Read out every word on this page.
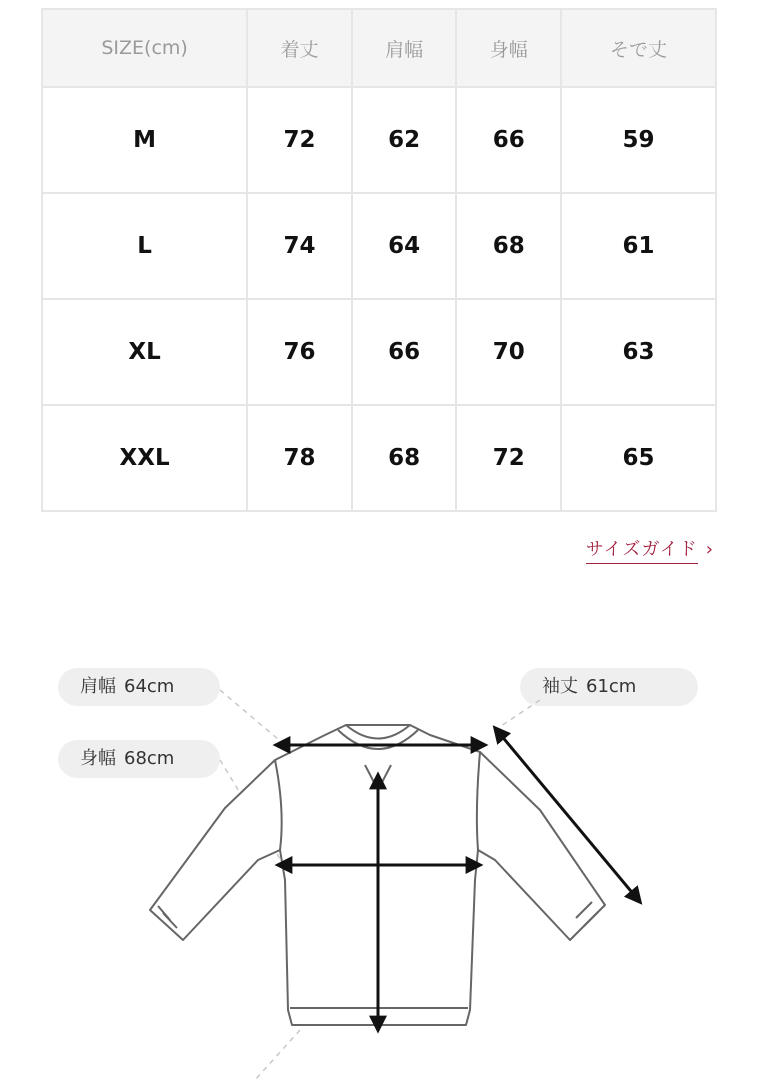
SIZE(cm)	着丈	肩幅	身幅	そで丈
M	72	62	66	59
L	74	64	68	61
XL	76	66	70	63
XXL	78	68	72	65
サイズガイド ›
肩幅 64cm
身幅 68cm
袖丈 61cm
